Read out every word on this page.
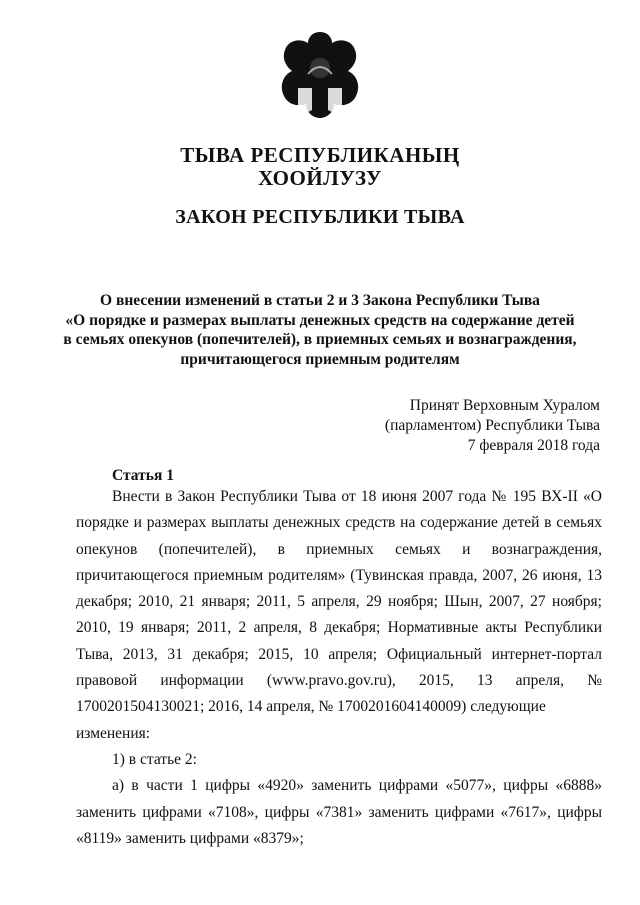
ТЫВА РЕСПУБЛИКАНЫҢ
ХООЙЛУЗУ
ЗАКОН РЕСПУБЛИКИ ТЫВА
О внесении изменений в статьи 2 и 3 Закона Республики Тыва
«О порядке и размерах выплаты денежных средств на содержание детей
в семьях опекунов (попечителей), в приемных семьях и вознаграждения,
причитающегося приемным родителям
Принят Верховным Хуралом
(парламентом) Республики Тыва
7 февраля 2018 года
Статья 1

Внести в Закон Республики Тыва от 18 июня 2007 года № 195 ВХ-II «О порядке и размерах выплаты денежных средств на содержание детей в семьях опекунов (попечителей), в приемных семьях и вознаграждения, причитающегося приемным родителям» (Тувинская правда, 2007, 26 июня, 13 декабря; 2010, 21 января; 2011, 5 апреля, 29 ноября; Шын, 2007, 27 ноября; 2010, 19 января; 2011, 2 апреля, 8 декабря; Нормативные акты Республики Тыва, 2013, 31 декабря; 2015, 10 апреля; Официальный интернет-портал правовой информации (www.pravo.gov.ru), 2015, 13 апреля, № 1700201504130021; 2016, 14 апреля, № 1700201604140009) следующие

изменения:

1) в статье 2:

а) в части 1 цифры «4920» заменить цифрами «5077», цифры «6888» заменить цифрами «7108», цифры «7381» заменить цифрами «7617», цифры «8119» заменить цифрами «8379»;
